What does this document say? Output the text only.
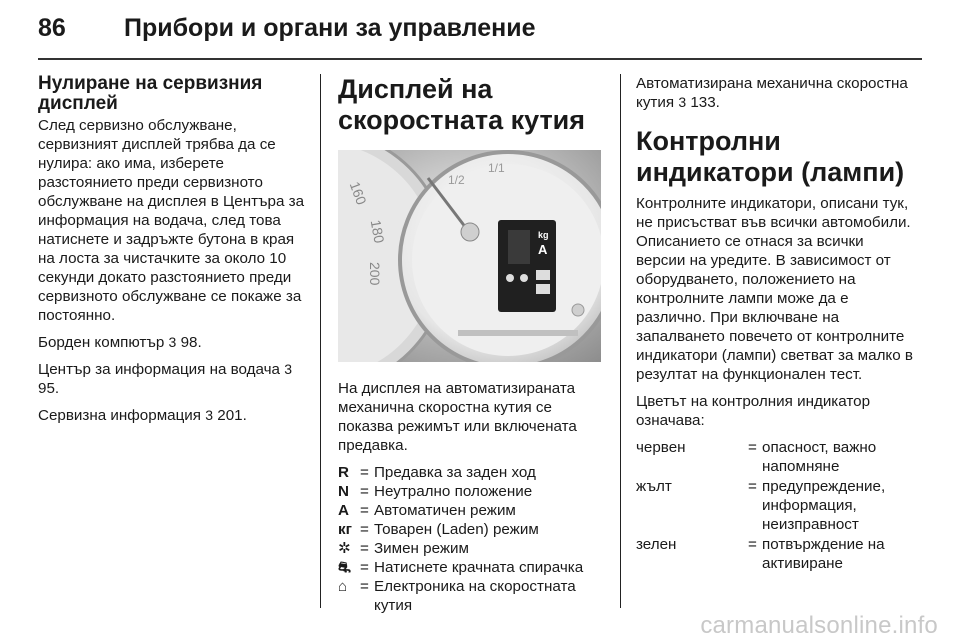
86	Прибори и органи за управление
Нулиране на сервизния дисплей

След сервизно обслужване, сервизният дисплей трябва да се нулира: ако има, изберете разстоянието преди сервизното обслужване на дисплея в Центъра за информация на водача, след това натиснете и задръжте бутона в края на лоста за чистачките за около 10 секунди докато разстоянието преди сервизното обслужване се покаже за постоянно.

Борден компютър 3 98.

Център за информация на водача 3 95.

Сервизна информация 3 201.

Дисплей на скоростната кутия
160
180
200
1/2
1/1
kg
A

На дисплея на автоматизираната механична скоростна кутия се показва режимът или включената предавка.

R	=	Предавка за заден ход
N	=	Неутрално положение
A	=	Автоматичен режим
кг	=	Товарен (Laden) режим
✲	=	Зимен режим
⛐	=	Натиснете крачната спирачка
⌂	=	Електроника на скоростната кутия

Автоматизирана механична скоростна кутия 3 133.

Контролни индикатори (лампи)

Контролните индикатори, описани тук, не присъстват във всички автомобили. Описанието се отнася за всички версии на уредите. В зависимост от оборудването, положението на контролните лампи може да е различно. При включване на запалването повечето от контролните индикатори (лампи) светват за малко в резултат на функционален тест.

Цветът на контролния индикатор означава:

червен	=	опасност, важно напомняне
жълт	=	предупреждение, информация, неизправност
зелен	=	потвърждение на активиране
carmanualsonline.info
